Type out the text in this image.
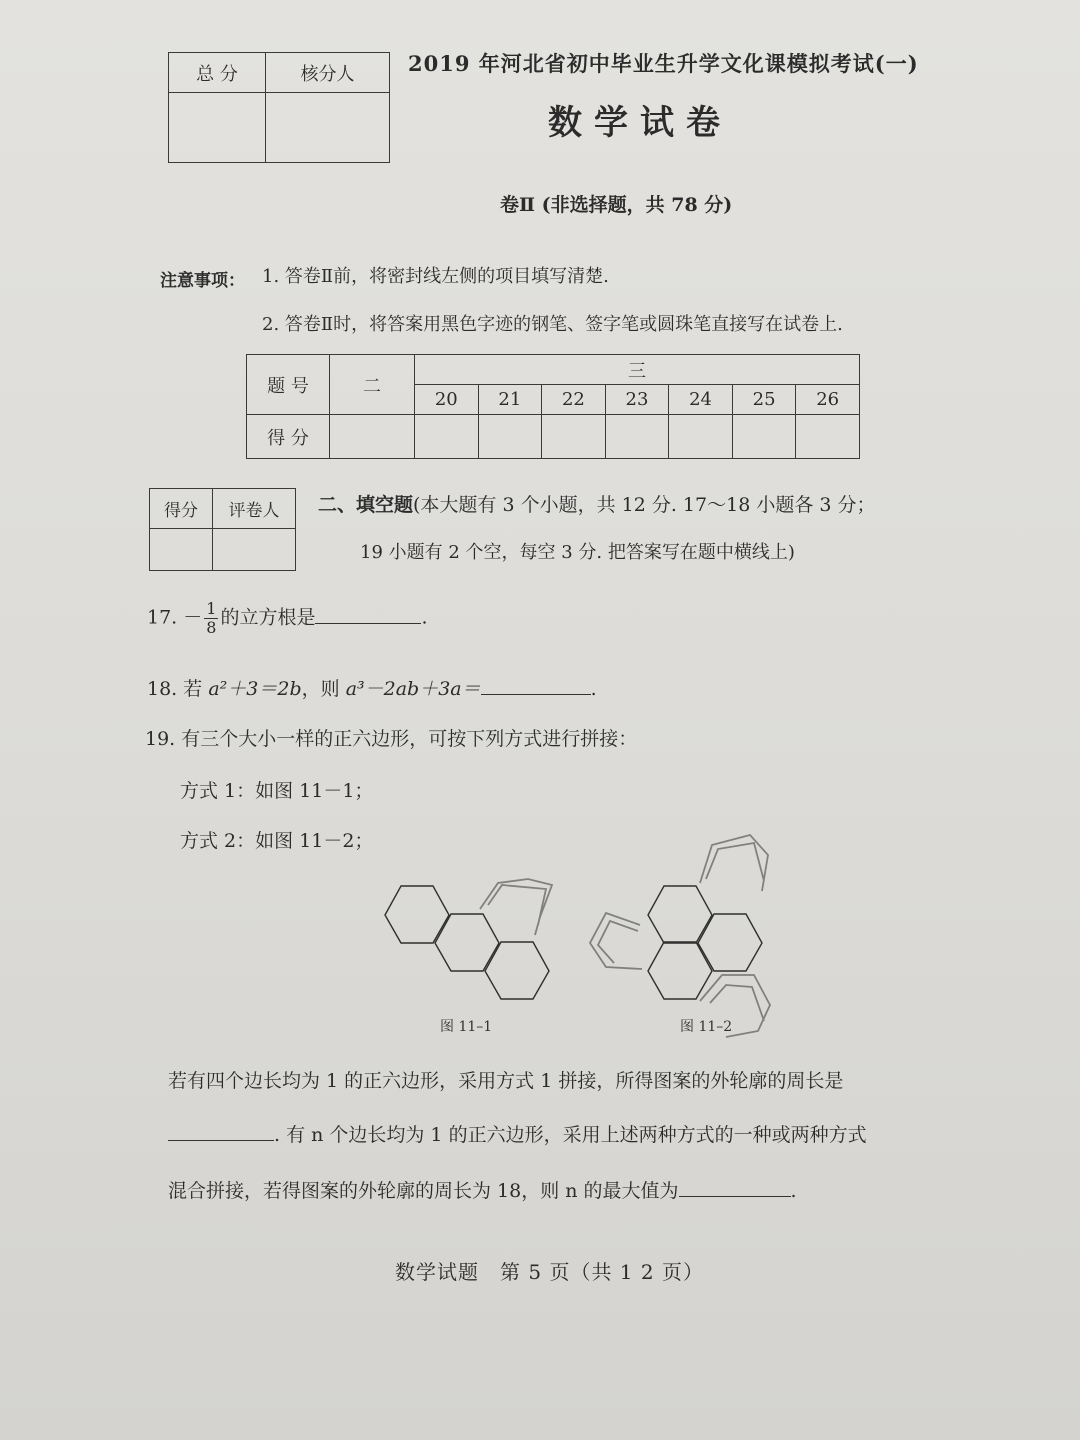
总 分	核分人
		2019 年河北省初中毕业生升学文化课模拟考试(一)
数学试卷
卷Ⅱ (非选择题，共 78 分)
注意事项： 1. 答卷Ⅱ前，将密封线左侧的项目填写清楚.
2. 答卷Ⅱ时，将答案用黑色字迹的钢笔、签字笔或圆珠笔直接写在试卷上.
题 号	二	三						
		20	21	22	23	24	25	26
得 分								
得分	评卷人
	二、填空题(本大题有 3 个小题，共 12 分. 17～18 小题各 3 分；
19 小题有 2 个空，每空 3 分. 把答案写在题中横线上)
17. － $\frac{1}{8}$ 的立方根是	.
18. 若 a²＋3＝2b，则 a³－2ab＋3a＝	.
19. 有三个大小一样的正六边形，可按下列方式进行拼接：
方式 1：如图 11－1；
方式 2：如图 11－2；
图 11–1	图 11–2
若有四个边长均为 1 的正六边形，采用方式 1 拼接，所得图案的外轮廓的周长是
. 有 n 个边长均为 1 的正六边形，采用上述两种方式的一种或两种方式
混合拼接，若得图案的外轮廓的周长为 18，则 n 的最大值为	.
数学试题　第 5 页（共 1 2 页）
